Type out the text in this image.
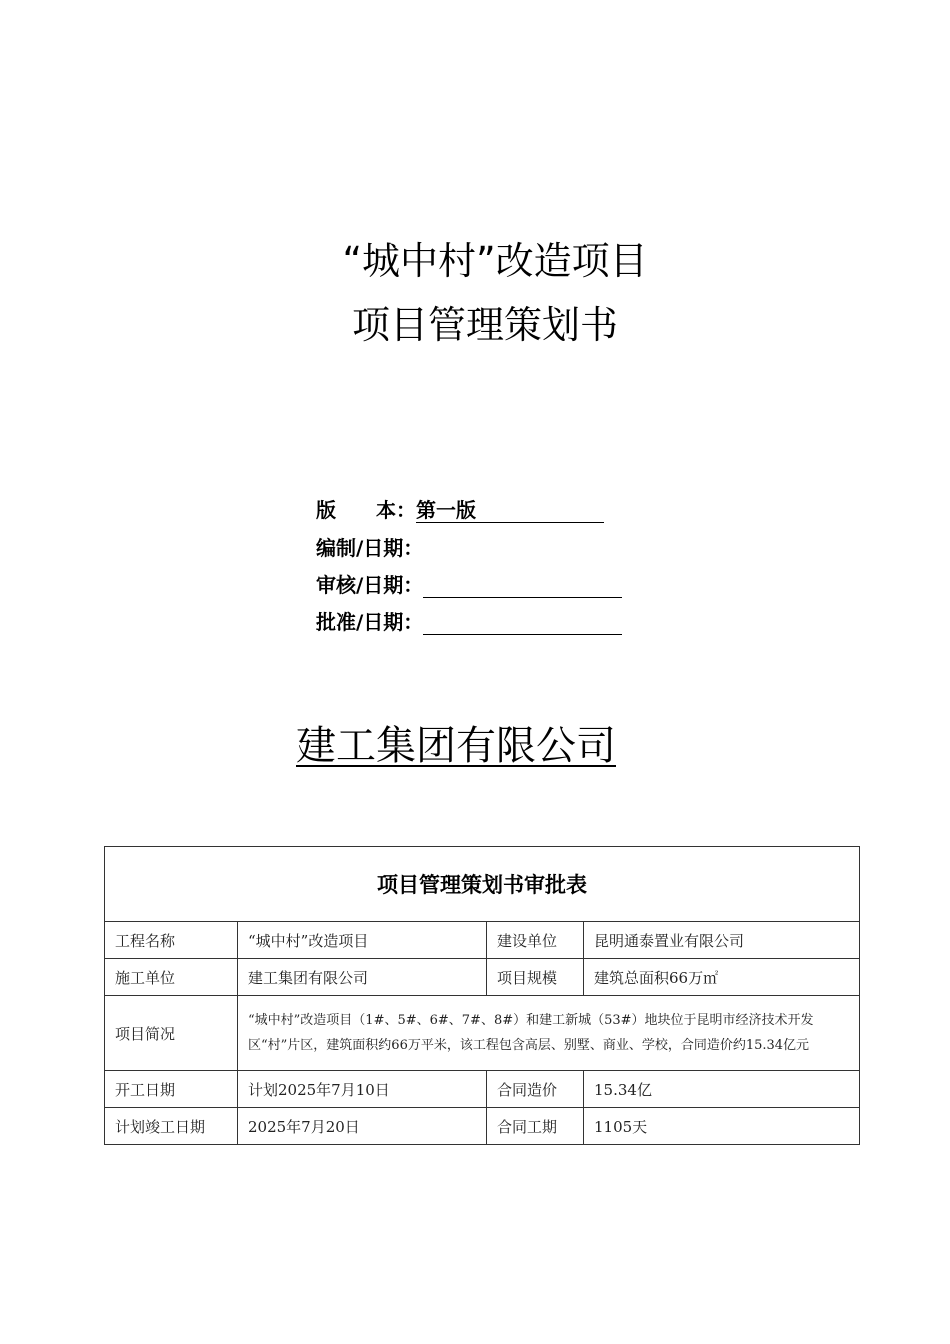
“城中村”改造项目
项目管理策划书
版　　本：第一版
编制/日期：
审核/日期：
批准/日期：
建工集团有限公司
项目管理策划书审批表			
工程名称	“城中村”改造项目	建设单位	昆明通泰置业有限公司
施工单位	建工集团有限公司	项目规模	建筑总面积66万㎡
项目简况	“城中村”改造项目（1#、5#、6#、7#、8#）和建工新城（53#）地块位于昆明市经济技术开发区“村”片区，建筑面积约66万平米，该工程包含高层、别墅、商业、学校，合同造价约15.34亿元		
开工日期	计划2025年7月10日	合同造价	15.34亿
计划竣工日期	2025年7月20日	合同工期	1105天
